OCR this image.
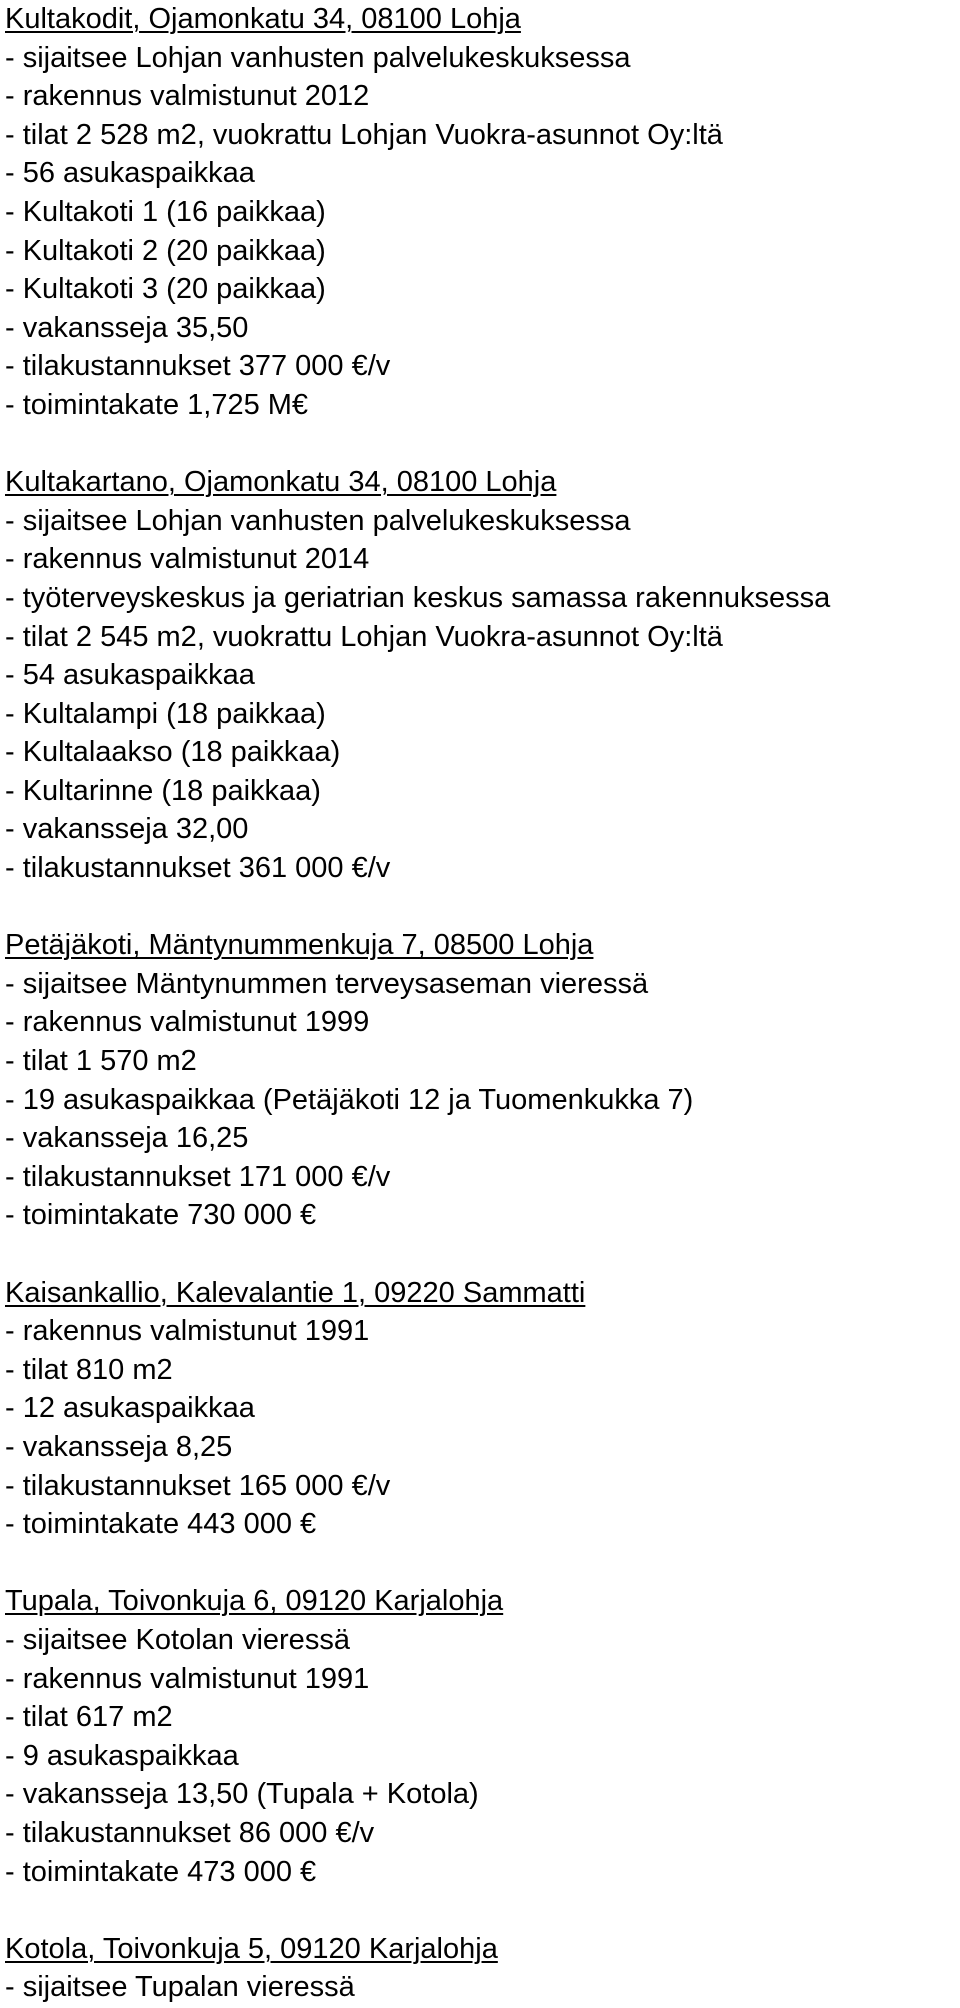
Kultakodit, Ojamonkatu 34, 08100 Lohja
- sijaitsee Lohjan vanhusten palvelukeskuksessa
- rakennus valmistunut 2012
- tilat 2 528 m2, vuokrattu Lohjan Vuokra-asunnot Oy:ltä
- 56 asukaspaikkaa
- Kultakoti 1 (16 paikkaa)
- Kultakoti 2 (20 paikkaa)
- Kultakoti 3 (20 paikkaa)
- vakansseja 35,50
- tilakustannukset 377 000 €/v
- toimintakate 1,725 M€
Kultakartano, Ojamonkatu 34, 08100 Lohja
- sijaitsee Lohjan vanhusten palvelukeskuksessa
- rakennus valmistunut 2014
- työterveyskeskus ja geriatrian keskus samassa rakennuksessa
- tilat 2 545 m2, vuokrattu Lohjan Vuokra-asunnot Oy:ltä
- 54 asukaspaikkaa
- Kultalampi (18 paikkaa)
- Kultalaakso (18 paikkaa)
- Kultarinne (18 paikkaa)
- vakansseja 32,00
- tilakustannukset 361 000 €/v
Petäjäkoti, Mäntynummenkuja 7, 08500 Lohja
- sijaitsee Mäntynummen terveysaseman vieressä
- rakennus valmistunut 1999
- tilat 1 570 m2
- 19 asukaspaikkaa (Petäjäkoti 12 ja Tuomenkukka 7)
- vakansseja 16,25
- tilakustannukset 171 000 €/v
- toimintakate 730 000 €
Kaisankallio, Kalevalantie 1, 09220 Sammatti
- rakennus valmistunut 1991
- tilat 810 m2
- 12 asukaspaikkaa
- vakansseja 8,25
- tilakustannukset 165 000 €/v
- toimintakate 443 000 €
Tupala, Toivonkuja 6, 09120 Karjalohja
- sijaitsee Kotolan vieressä
- rakennus valmistunut 1991
- tilat 617 m2
- 9 asukaspaikkaa
- vakansseja 13,50 (Tupala + Kotola)
- tilakustannukset 86 000 €/v
- toimintakate 473 000 €
Kotola, Toivonkuja 5, 09120 Karjalohja
- sijaitsee Tupalan vieressä
